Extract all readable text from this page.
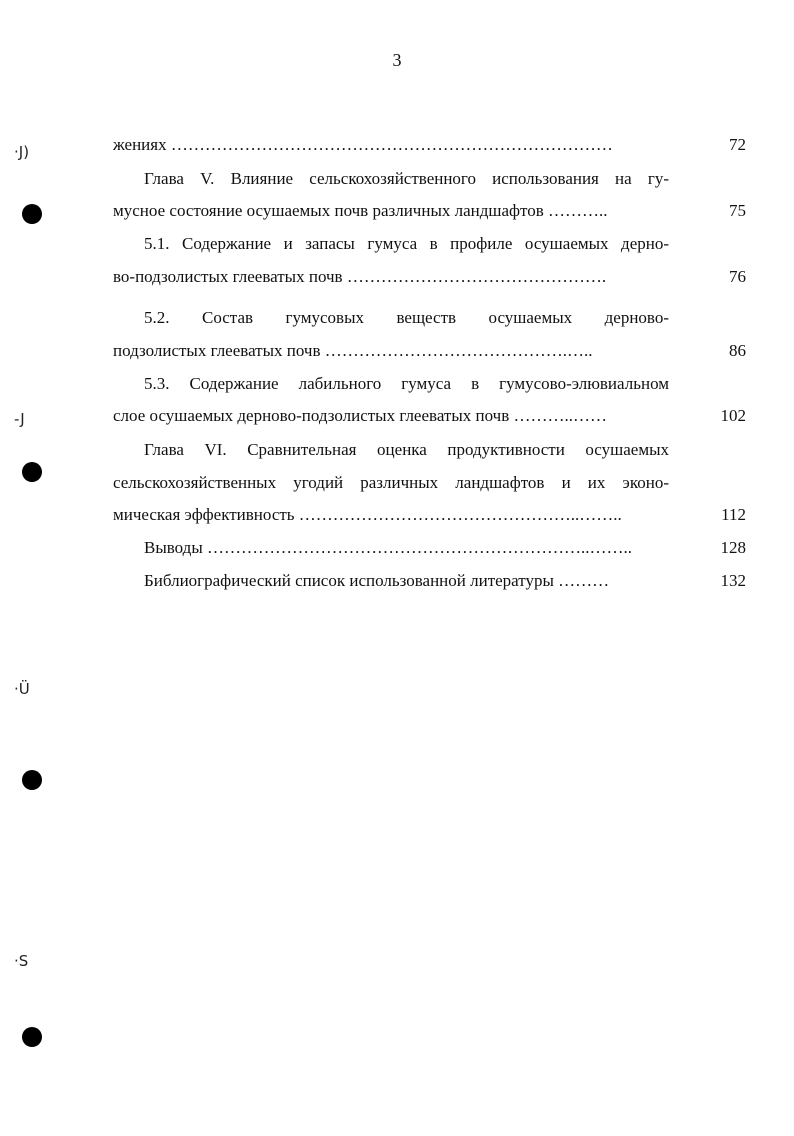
3
жениях ……………………………………………………………………	72
Глава V. Влияние сельскохозяйственного использования на гу-
мусное состояние осушаемых почв различных ландшафтов ………..	75
5.1. Содержание и запасы гумуса в профиле осушаемых дерно-
во-подзолистых глееватых почв ……………………………………….	76
5.2. Состав гумусовых веществ осушаемых дерново-
подзолистых глееватых почв …………………………………….…..	86
5.3. Содержание лабильного гумуса в гумусово-элювиальном
слое осушаемых дерново-подзолистых глееватых почв ………..……	102
Глава VI. Сравнительная оценка продуктивности осушаемых
сельскохозяйственных угодий различных ландшафтов и их эконо-
мическая эффективность …………………………………………..……..	112
Выводы …………………………………………………………..……..	128
Библиографический список использованной литературы ………	132
·J)
-J
·Ü
·S
